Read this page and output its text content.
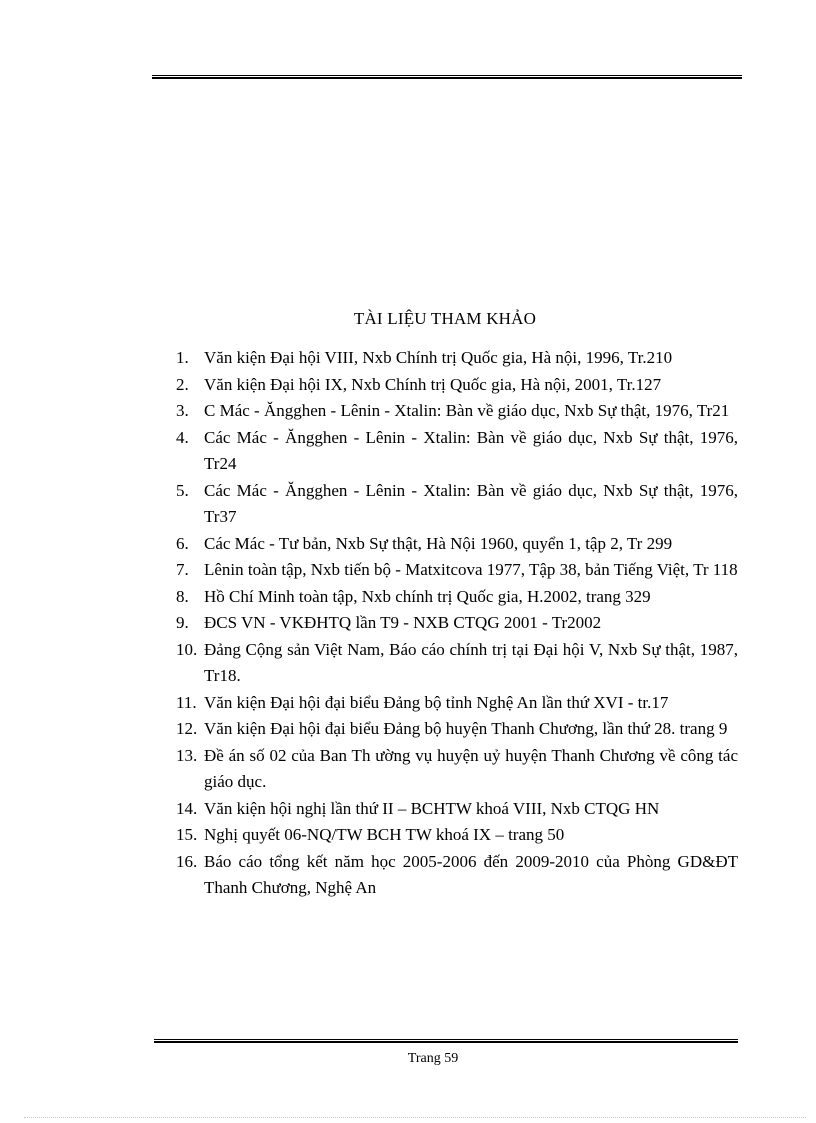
TÀI LIỆU THAM KHẢO
1. Văn kiện Đại hội VIII, Nxb Chính trị Quốc gia, Hà nội, 1996, Tr.210
2. Văn kiện Đại hội IX, Nxb Chính trị Quốc gia, Hà nội, 2001, Tr.127
3. C Mác - Ăngghen - Lênin - Xtalin: Bàn về giáo dục, Nxb Sự thật, 1976, Tr21
4. Các Mác - Ăngghen - Lênin - Xtalin: Bàn về giáo dục, Nxb Sự thật, 1976, Tr24
5. Các Mác - Ăngghen - Lênin - Xtalin: Bàn về giáo dục, Nxb Sự thật, 1976, Tr37
6. Các Mác - Tư bản, Nxb Sự thật, Hà Nội 1960, quyển 1, tập 2, Tr 299
7. Lênin toàn tập, Nxb tiến bộ - Matxitcova 1977, Tập 38, bản Tiếng Việt, Tr 118
8. Hồ Chí Minh toàn tập, Nxb chính trị Quốc gia, H.2002, trang 329
9. ĐCS VN - VKĐHTQ lần T9 - NXB CTQG 2001 - Tr2002
10. Đảng Cộng sản Việt Nam, Báo cáo chính trị tại Đại hội V, Nxb Sự thật, 1987, Tr18.
11. Văn kiện Đại hội đại biểu Đảng bộ tỉnh Nghệ An lần thứ XVI - tr.17
12. Văn kiện Đại hội đại biểu Đảng bộ huyện Thanh Chương, lần thứ 28. trang 9
13. Đề án số 02 của Ban Th ường vụ huyện uỷ huyện Thanh Chương về công tác giáo dục.
14. Văn kiện hội nghị lần thứ II – BCHTW khoá VIII, Nxb CTQG HN
15. Nghị quyết 06-NQ/TW BCH TW khoá IX – trang 50
16. Báo cáo tổng kết năm học 2005-2006 đến 2009-2010 của Phòng GD&ĐT Thanh Chương, Nghệ An
Trang 59
